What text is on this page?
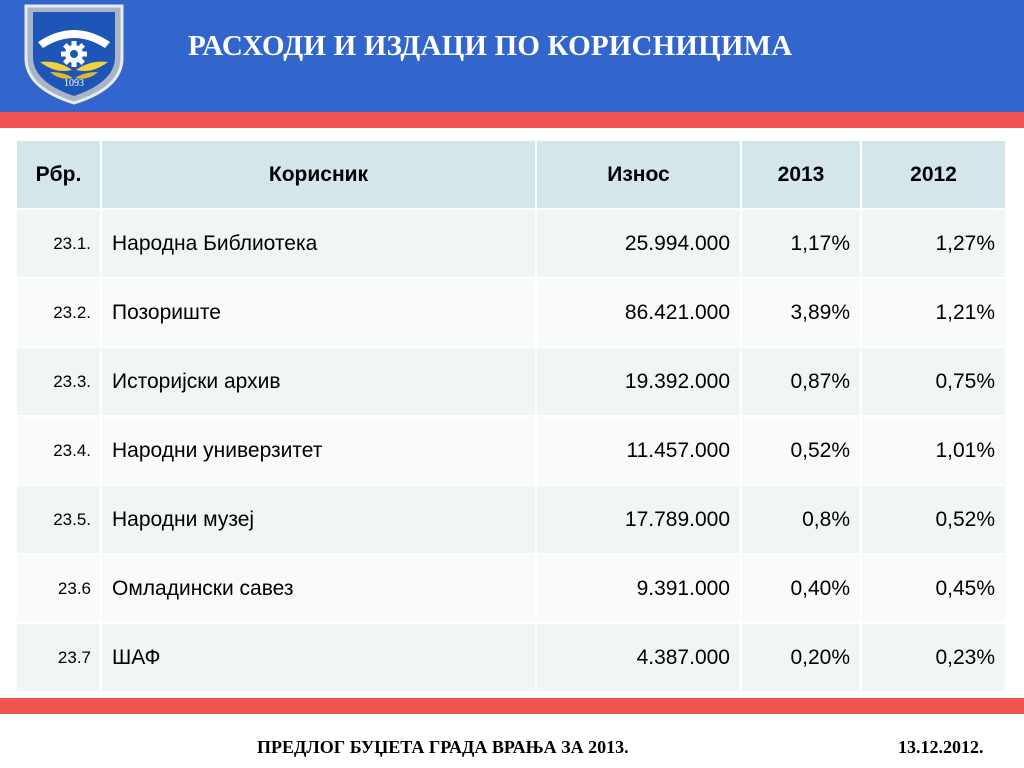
1093
РАСХОДИ И ИЗДАЦИ ПО КОРИСНИЦИМА
Рбр.	Корисник	Износ	2013	2012
23.1.	Народна Библиотека	25.994.000	1,17%	1,27%
23.2.	Позориште	86.421.000	3,89%	1,21%
23.3.	Историјски архив	19.392.000	0,87%	0,75%
23.4.	Народни универзитет	11.457.000	0,52%	1,01%
23.5.	Народни музеј	17.789.000	0,8%	0,52%
23.6	Омладински савез	9.391.000	0,40%	0,45%
23.7	ШАФ	4.387.000	0,20%	0,23%
ПРЕДЛОГ БУЏЕТА ГРАДА ВРАЊА ЗА 2013.	13.12.2012.
